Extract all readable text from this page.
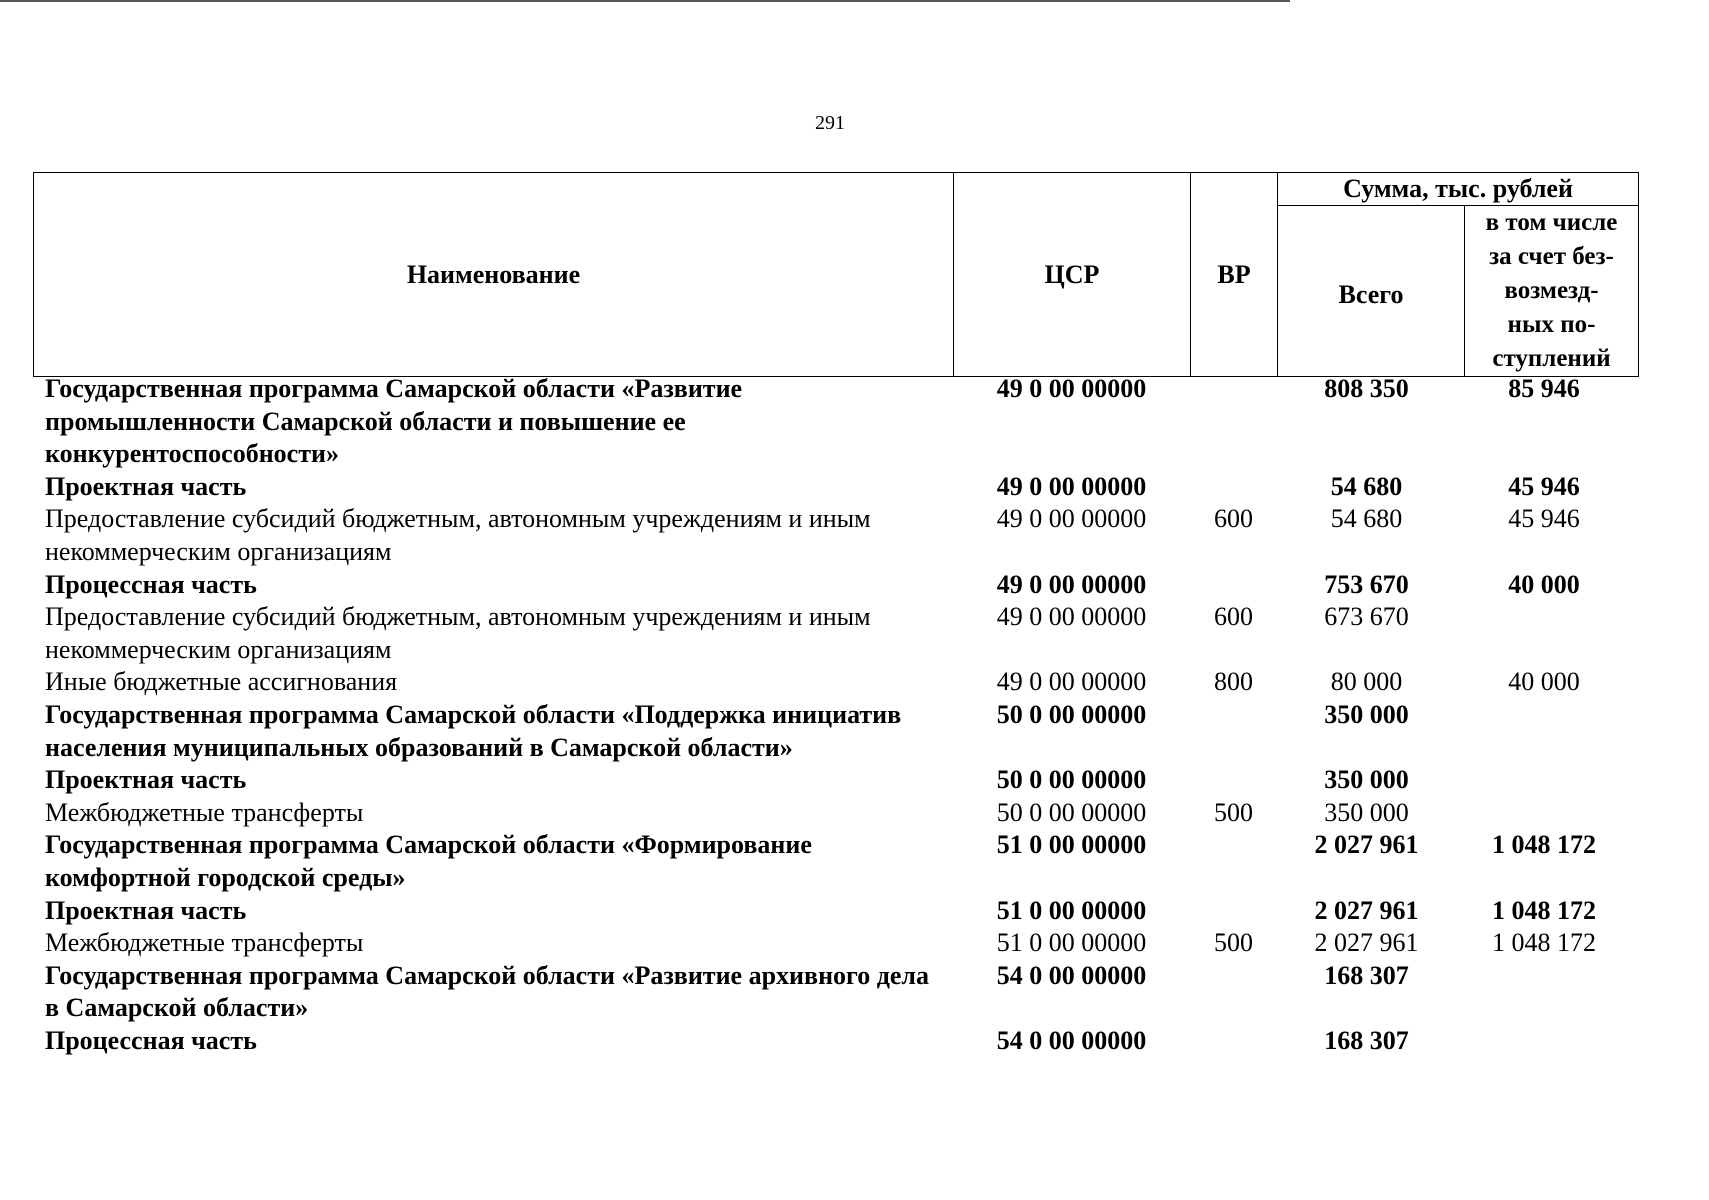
291
Наименование	ЦСР	ВР	Сумма, тыс. рублей	
			Всего	в том числе
за счет без-
возмезд-
ных по-
ступлений
Государственная программа Самарской области «Развитие промышленности Самарской области и повышение ее конкурентоспособности»	49 0 00 00000		808 350	85 946
Проектная часть	49 0 00 00000		54 680	45 946
Предоставление субсидий бюджетным, автономным учреждениям и иным некоммерческим организациям	49 0 00 00000	600	54 680	45 946
Процессная часть	49 0 00 00000		753 670	40 000
Предоставление субсидий бюджетным, автономным учреждениям и иным некоммерческим организациям	49 0 00 00000	600	673 670	
Иные бюджетные ассигнования	49 0 00 00000	800	80 000	40 000
Государственная программа Самарской области «Поддержка инициатив населения муниципальных образований в Самарской области»	50 0 00 00000		350 000	
Проектная часть	50 0 00 00000		350 000	
Межбюджетные трансферты	50 0 00 00000	500	350 000	
Государственная программа Самарской области «Формирование комфортной городской среды»	51 0 00 00000		2 027 961	1 048 172
Проектная часть	51 0 00 00000		2 027 961	1 048 172
Межбюджетные трансферты	51 0 00 00000	500	2 027 961	1 048 172
Государственная программа Самарской области «Развитие архивного дела в Самарской области»	54 0 00 00000		168 307	
Процессная часть	54 0 00 00000		168 307	
